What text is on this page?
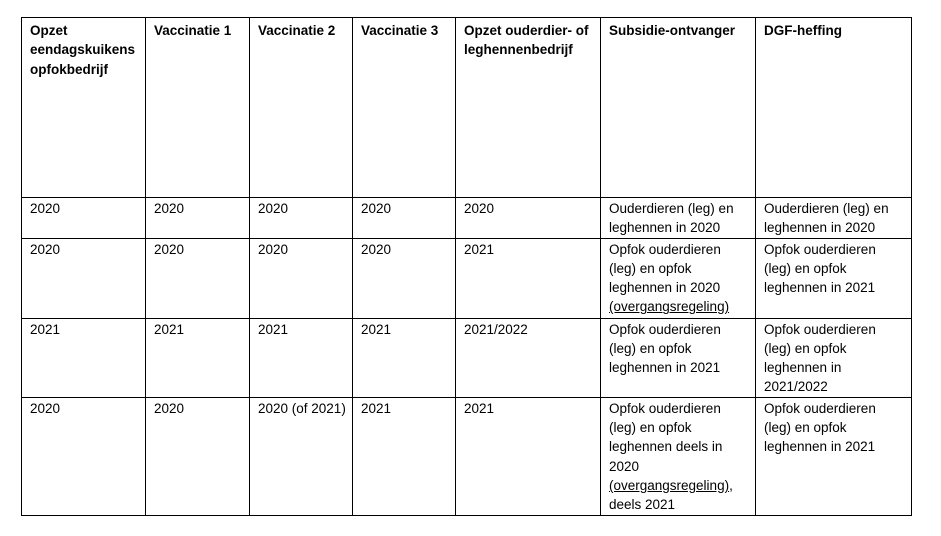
Opzet eendagskuikens opfokbedrijf	Vaccinatie 1	Vaccinatie 2	Vaccinatie 3	Opzet ouderdier- of leghennenbedrijf	Subsidie-ontvanger	DGF-heffing
2020	2020	2020	2020	2020	Ouderdieren (leg) en leghennen in 2020	Ouderdieren (leg) en leghennen in 2020
2020	2020	2020	2020	2021	Opfok ouderdieren (leg) en opfok leghennen in 2020 (overgangsregeling)	Opfok ouderdieren (leg) en opfok leghennen in 2021
2021	2021	2021	2021	2021/2022	Opfok ouderdieren (leg) en opfok leghennen in 2021	Opfok ouderdieren (leg) en opfok leghennen in 2021/2022
2020	2020	2020 (of 2021)	2021	2021	Opfok ouderdieren (leg) en opfok leghennen deels in 2020 (overgangsregeling), deels 2021	Opfok ouderdieren (leg) en opfok leghennen in 2021
